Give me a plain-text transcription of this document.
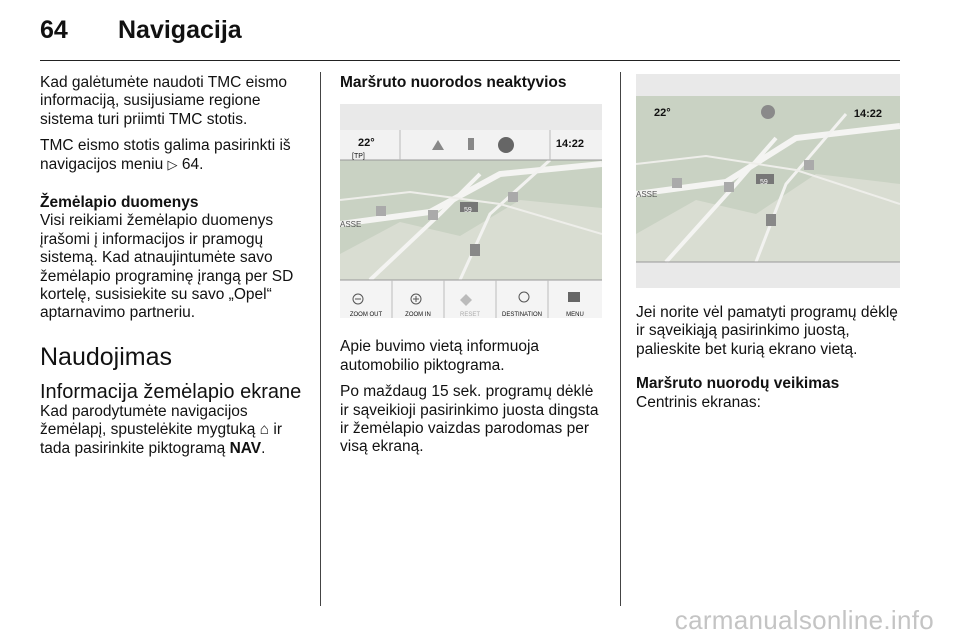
64 Navigacija

Kad galėtumėte naudoti TMC eismo informaciją, susijusiame regione sistema turi priimti TMC stotis.

TMC eismo stotis galima pasirinkti iš navigacijos meniu ▷ 64.

Žemėlapio duomenys

Visi reikiami žemėlapio duomenys įrašomi į informacijos ir pramogų sistemą. Kad atnaujintumėte savo žemėlapio programinę įrangą per SD kortelę, susisiekite su savo „Opel“ aptarnavimo partneriu.

Naudojimas
Informacija žemėlapio ekrane

Kad parodytumėte navigacijos žemėlapį, spustelėkite mygtuką ⌂ ir tada pasirinkite piktogramą NAV.

Maršruto nuorodos neaktyvios
22°
[TP]
14:22
59
ASSE
ZOOM OUT	ZOOM IN	RESET	DESTINATION	MENU

Apie buvimo vietą informuoja automobilio piktograma.

Po maždaug 15 sek. programų dėklė ir sąveikioji pasirinkimo juosta dingsta ir žemėlapio vaizdas parodomas per visą ekraną.

22°	14:22
59
ASSE

Jei norite vėl pamatyti programų dėklę ir sąveikiąją pasirinkimo juostą, palieskite bet kurią ekrano vietą.

Maršruto nuorodų veikimas

Centrinis ekranas:

carmanualsonline.info
